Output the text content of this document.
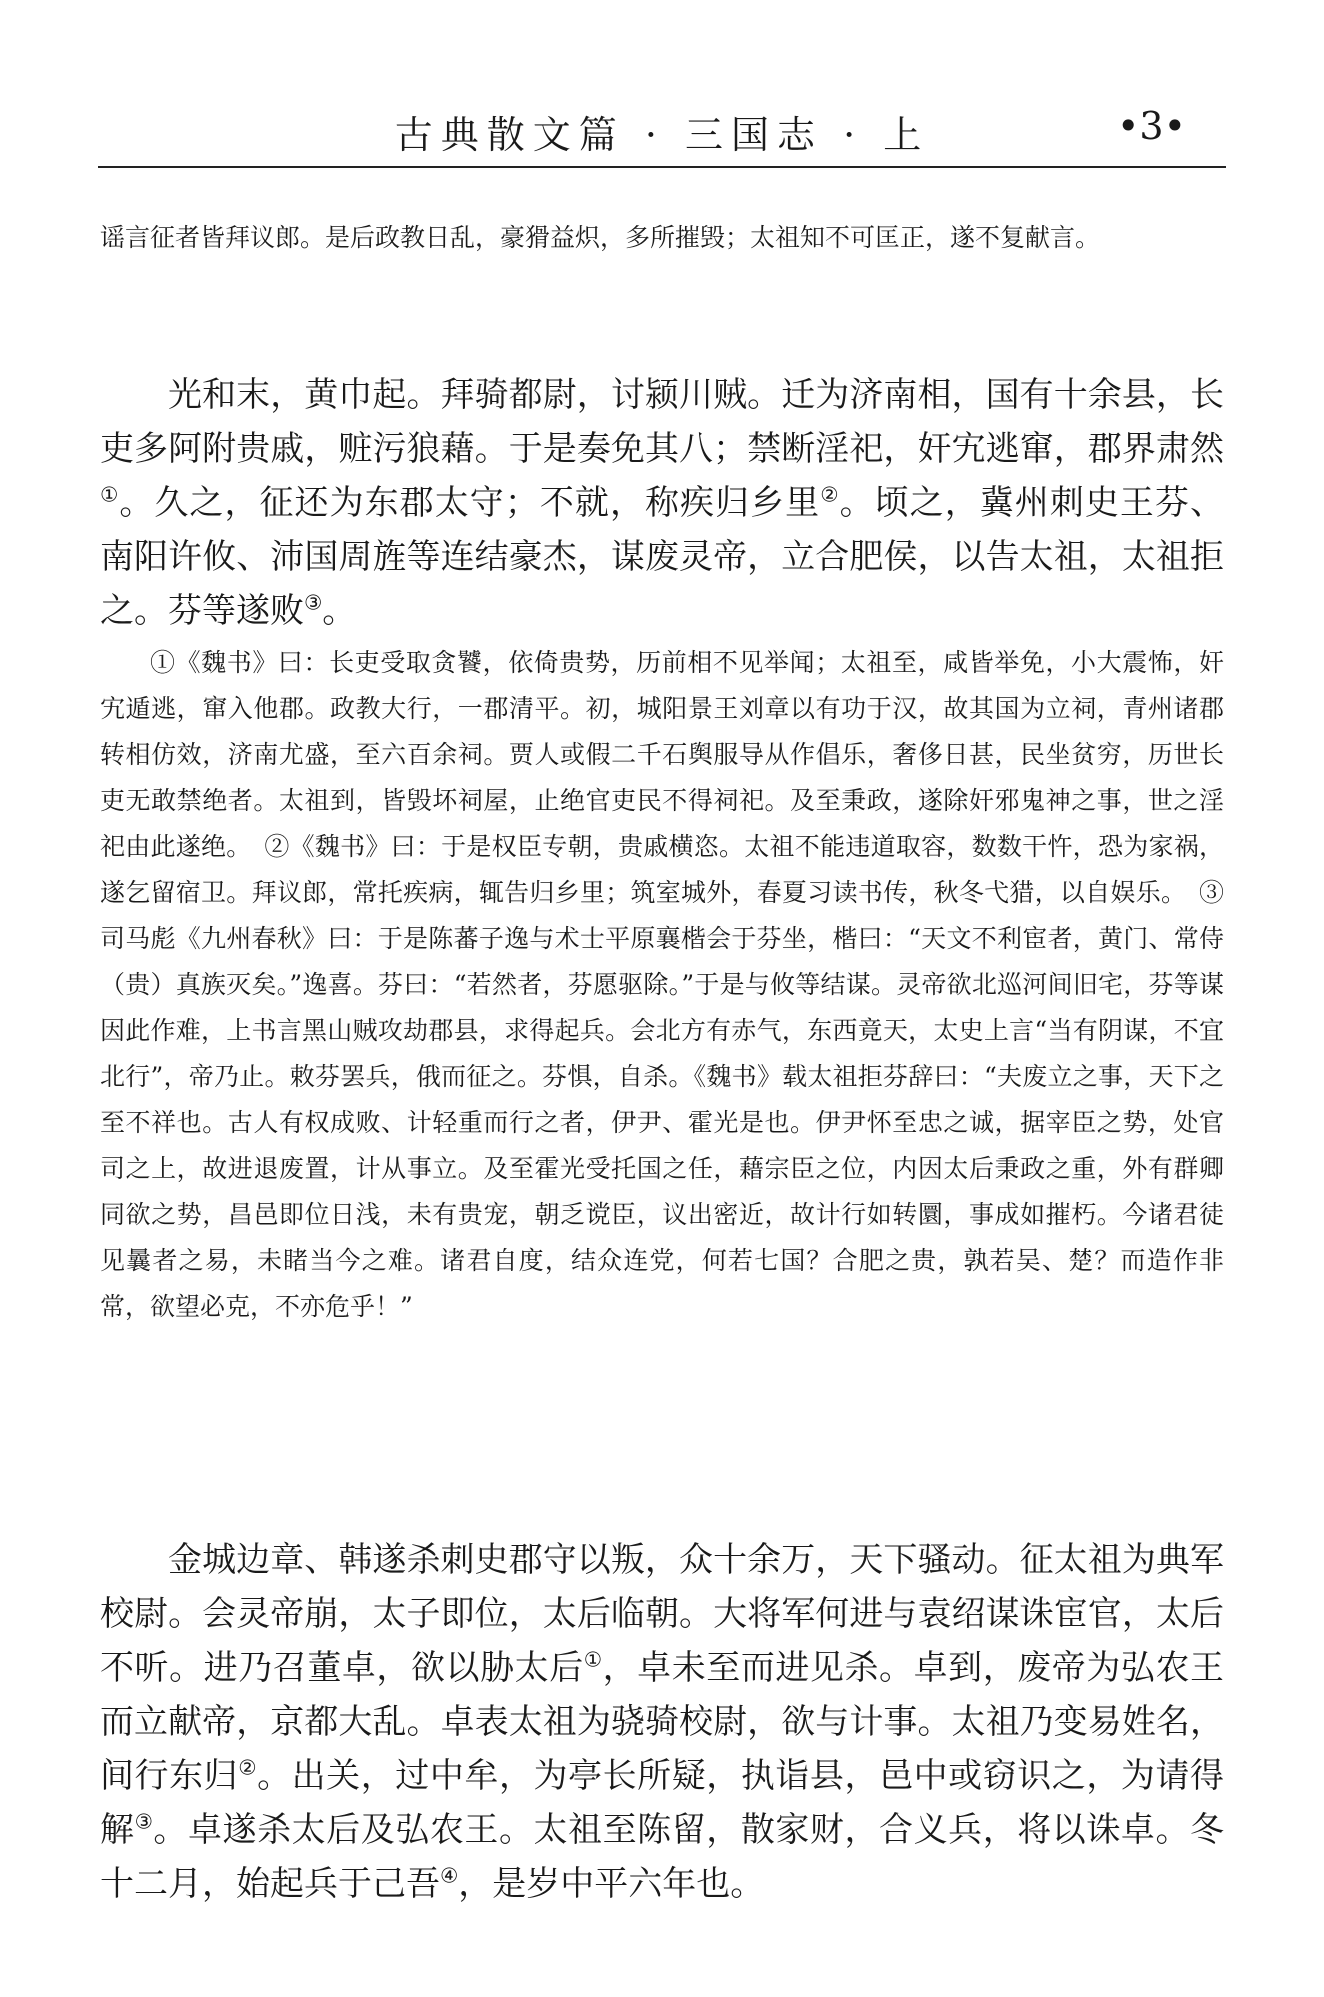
古典散文篇 · 三国志 · 上	•3•
谣言征者皆拜议郎。是后政教日乱，豪猾益炽，多所摧毁；太祖知不可匡正，遂不复献言。
光和末，黄巾起。拜骑都尉，讨颍川贼。迁为济南相，国有十余县，长吏多阿附贵戚，赃污狼藉。于是奏免其八；禁断淫祀，奸宄逃窜，郡界肃然①。久之，征还为东郡太守；不就，称疾归乡里②。顷之，冀州刺史王芬、南阳许攸、沛国周旌等连结豪杰，谋废灵帝，立合肥侯，以告太祖，太祖拒之。芬等遂败③。
①《魏书》曰：长吏受取贪饕，依倚贵势，历前相不见举闻；太祖至，咸皆举免，小大震怖，奸宄遁逃，窜入他郡。政教大行，一郡清平。初，城阳景王刘章以有功于汉，故其国为立祠，青州诸郡转相仿效，济南尤盛，至六百余祠。贾人或假二千石舆服导从作倡乐，奢侈日甚，民坐贫穷，历世长吏无敢禁绝者。太祖到，皆毁坏祠屋，止绝官吏民不得祠祀。及至秉政，遂除奸邪鬼神之事，世之淫祀由此遂绝。　②《魏书》曰：于是权臣专朝，贵戚横恣。太祖不能违道取容，数数干忤，恐为家祸，遂乞留宿卫。拜议郎，常托疾病，辄告归乡里；筑室城外，春夏习读书传，秋冬弋猎，以自娱乐。　③司马彪《九州春秋》曰：于是陈蕃子逸与术士平原襄楷会于芬坐，楷曰：“天文不利宦者，黄门、常侍（贵）真族灭矣。”逸喜。芬曰：“若然者，芬愿驱除。”于是与攸等结谋。灵帝欲北巡河间旧宅，芬等谋因此作难，上书言黑山贼攻劫郡县，求得起兵。会北方有赤气，东西竟天，太史上言“当有阴谋，不宜北行”，帝乃止。敕芬罢兵，俄而征之。芬惧，自杀。《魏书》载太祖拒芬辞曰：“夫废立之事，天下之至不祥也。古人有权成败、计轻重而行之者，伊尹、霍光是也。伊尹怀至忠之诚，据宰臣之势，处官司之上，故进退废置，计从事立。及至霍光受托国之任，藉宗臣之位，内因太后秉政之重，外有群卿同欲之势，昌邑即位日浅，未有贵宠，朝乏谠臣，议出密近，故计行如转圜，事成如摧朽。今诸君徒见曩者之易，未睹当今之难。诸君自度，结众连党，何若七国？合肥之贵，孰若吴、楚？而造作非常，欲望必克，不亦危乎！”
金城边章、韩遂杀刺史郡守以叛，众十余万，天下骚动。征太祖为典军校尉。会灵帝崩，太子即位，太后临朝。大将军何进与袁绍谋诛宦官，太后不听。进乃召董卓，欲以胁太后①，卓未至而进见杀。卓到，废帝为弘农王而立献帝，京都大乱。卓表太祖为骁骑校尉，欲与计事。太祖乃变易姓名，间行东归②。出关，过中牟，为亭长所疑，执诣县，邑中或窃识之，为请得解③。卓遂杀太后及弘农王。太祖至陈留，散家财，合义兵，将以诛卓。冬十二月，始起兵于己吾④，是岁中平六年也。
